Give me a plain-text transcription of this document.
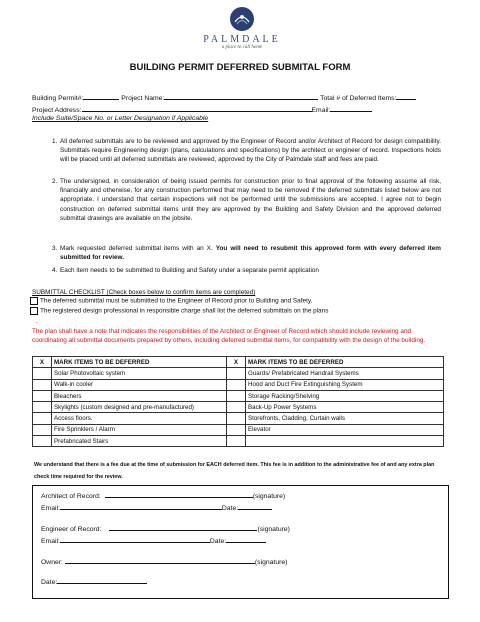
PALMDALE
a place to call home
BUILDING PERMIT DEFERRED SUBMITAL FORM
Building Permit#:	Project Name:	Total # of Deferred Items:
Project Address:	Email:
Include Suite/Space No. or Letter Designation if Applicable
1. All deferred submittals are to be reviewed and approved by the Engineer of Record and/or Architect of Record for design compatibility. Submittals require Engineering design (plans, calculations and specifications) by the architect or engineer of record. Inspections holds will be placed until all deferred submittals are reviewed, approved by the City of Palmdale staff and fees are paid.
2. The undersigned, in consideration of being issued permits for construction prior to final approval of the following assume all risk, financially and otherwise, for any construction performed that may need to be removed if the deferred submittals listed below are not appropriate. I understand that certain inspections will not be performed until the submissions are accepted. I agree not to begin construction on deferred submittal items until they are approved by the Building and Safety Division and the approved deferred submittal drawings are available on the jobsite.
3. Mark requested deferred submittal items with an X. You will need to resubmit this approved form with every deferred item submitted for review.
4. Each item needs to be submitted to Building and Safety under a separate permit application
SUBMITTAL CHECKLIST (Check boxes below to confirm items are completed)
The deferred submittal must be submitted to the Engineer of Record prior to Building and Safety.
The registered design professional in responsible charge shall list the deferred submittals on the plans
.
The plan shall have a note that indicates the responsibilities of the Architect or Engineer of Record which should include reviewing and coordinating all submittal documents prepared by others, including deferred submittal items, for compatibility with the design of the building.
X	MARK ITEMS TO BE DEFERRED	X	MARK ITEMS TO BE DEFERRED
	Solar Photovoltaic system		Guards/ Prefabricated Handrail Systems
	Walk-in cooler		Hood and Duct Fire Extinguishing System
	Bleachers		Storage Racking/Shelving
	Skylights (custom designed and pre-manufactured)		Back-Up Power Systems
	Access floors.		Storefronts, Cladding, Curtain walls
	Fire Sprinklers / Alarm		Elevator
	Prefabricated Stairs		
We understand that there is a fee due at the time of submission for EACH deferred item. This fee is in addition to the administrative fee of and any extra plan check time required for the review.
Architect of Record:	(signature)
Email:	Date:
Engineer of Record:	(signature)
Email:	Date:
Owner:	(signature)
Date:
